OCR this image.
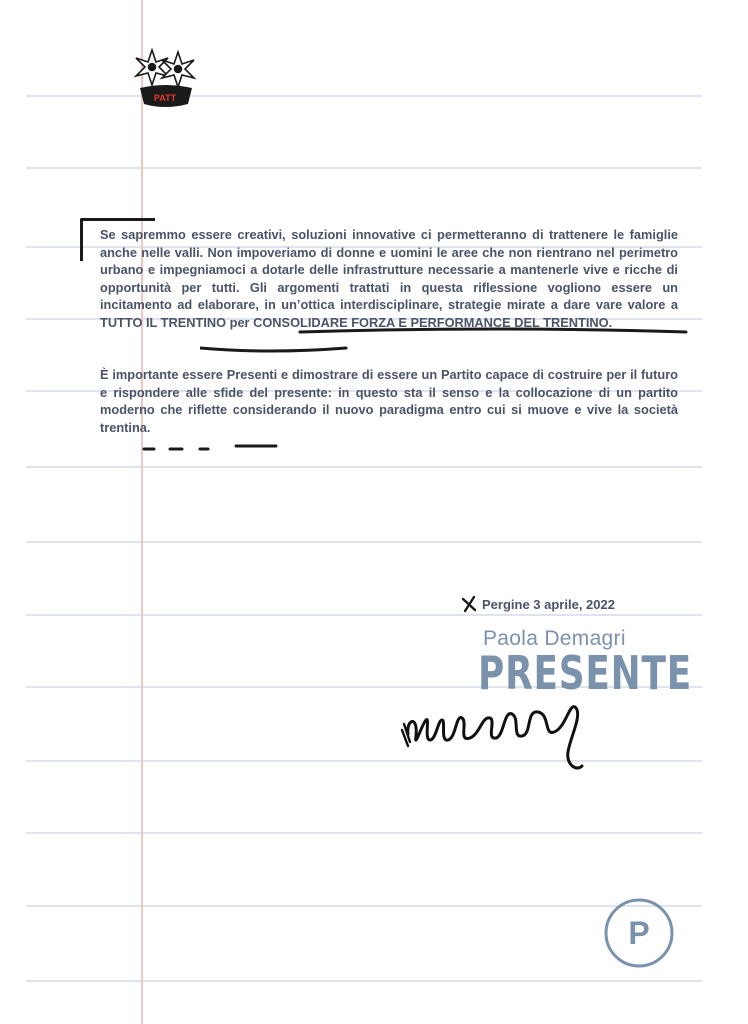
PATT
Se sapremmo essere creativi, soluzioni innovative ci permetteranno di trattenere le famiglie anche nelle valli. Non impoveriamo di donne e uomini le aree che non rientrano nel perimetro urbano e impegniamoci a dotarle delle infrastrutture necessarie a mantenerle vive e ricche di opportunità per tutti. Gli argomenti trattati in questa riflessione vogliono essere un incitamento ad elaborare, in un’ottica interdisciplinare, strategie mirate a dare vare valore a TUTTO IL TRENTINO per CONSOLIDARE FORZA E PERFORMANCE DEL TRENTINO.
È importante essere Presenti e dimostrare di essere un Partito capace di costruire per il futuro e rispondere alle sfide del presente: in questo sta il senso e la collocazione di un partito moderno che riflette considerando il nuovo paradigma entro cui si muove e vive la società trentina.
Pergine 3 aprile, 2022
Paola Demagri
PRESENTE
P
